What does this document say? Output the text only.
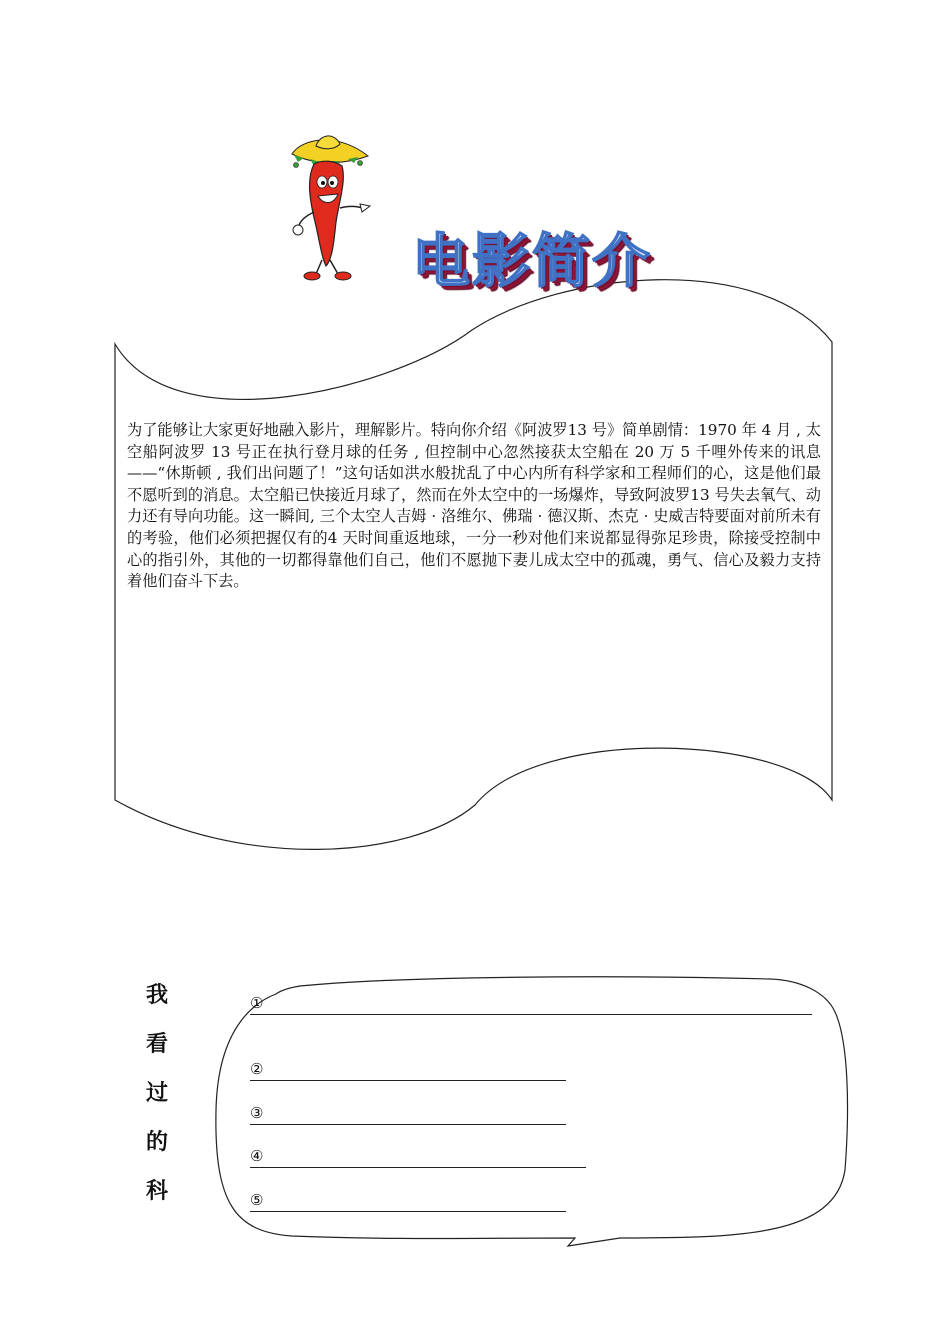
电影简介

为了能够让大家更好地融入影片，理解影片。特向你介绍《阿波罗13 号》简单剧情：1970 年 4 月 , 太空船阿波罗 13 号正在执行登月球的任务 , 但控制中心忽然接获太空船在 20 万 5 千哩外传来的讯息——“休斯顿 , 我们出问题了！”这句话如洪水般扰乱了中心内所有科学家和工程师们的心，这是他们最不愿听到的消息。太空船已快接近月球了，然而在外太空中的一场爆炸，导致阿波罗13 号失去氧气、动力还有导向功能。这一瞬间, 三个太空人吉姆 · 洛维尔、佛瑞 · 德汉斯、杰克 · 史威吉特要面对前所未有的考验，他们必须把握仅有的4 天时间重返地球，一分一秒对他们来说都显得弥足珍贵，除接受控制中心的指引外，其他的一切都得靠他们自己，他们不愿抛下妻儿成太空中的孤魂，勇气、信心及毅力支持着他们奋斗下去。

我
看
过
的
科
①
②
③
④
⑤
